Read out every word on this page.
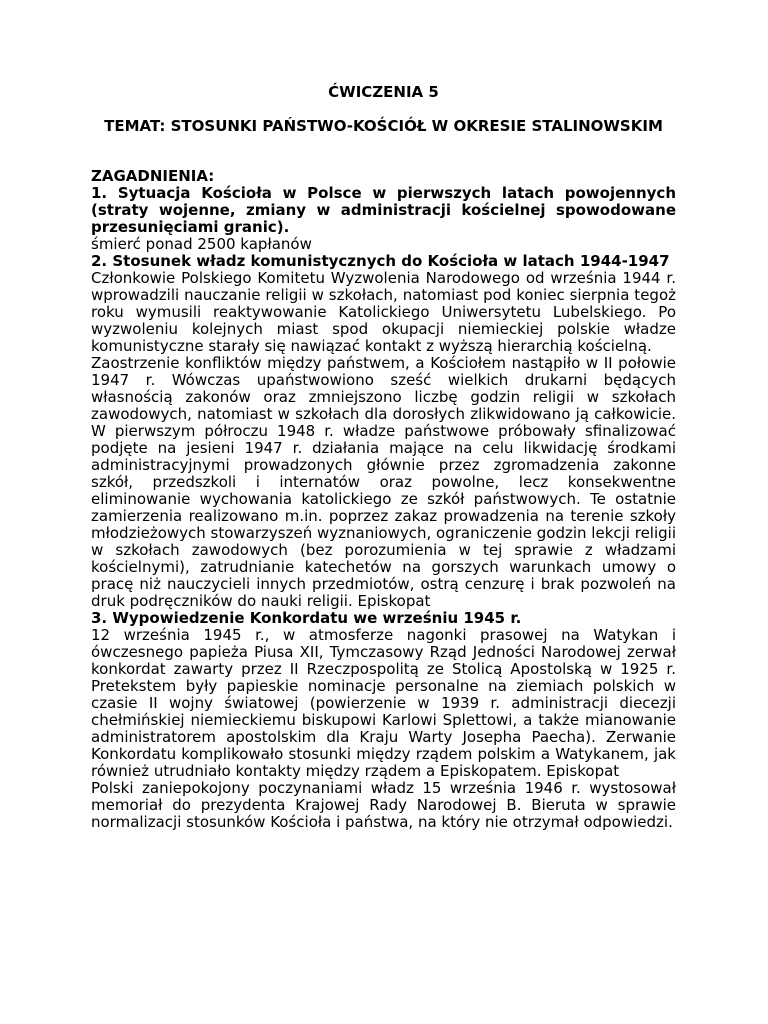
ĆWICZENIA 5

TEMAT: STOSUNKI PAŃSTWO-KOŚCIÓŁ W OKRESIE STALINOWSKIM

ZAGADNIENIA:

1. Sytuacja Kościoła w Polsce w pierwszych latach powojennych (straty wojenne, zmiany w administracji kościelnej spowodowane przesunięciami granic).

śmierć ponad 2500 kapłanów

2. Stosunek władz komunistycznych do Kościoła w latach 1944-1947

Członkowie Polskiego Komitetu Wyzwolenia Narodowego od września 1944 r. wprowadzili nauczanie religii w szkołach, natomiast pod koniec sierpnia tegoż roku wymusili reaktywowanie Katolickiego Uniwersytetu Lubelskiego. Po wyzwoleniu kolejnych miast spod okupacji niemieckiej polskie władze komunistyczne starały się nawiązać kontakt z wyższą hierarchią kościelną.

Zaostrzenie konfliktów między państwem, a Kościołem nastąpiło w II połowie 1947 r. Wówczas upaństwowiono sześć wielkich drukarni będących własnością zakonów oraz zmniejszono liczbę godzin religii w szkołach zawodowych, natomiast w szkołach dla dorosłych zlikwidowano ją całkowicie. W pierwszym półroczu 1948 r. władze państwowe próbowały sfinalizować podjęte na jesieni 1947 r. działania mające na celu likwidację środkami administracyjnymi prowadzonych głównie przez zgromadzenia zakonne szkół, przedszkoli i internatów oraz powolne, lecz konsekwentne eliminowanie wychowania katolickiego ze szkół państwowych. Te ostatnie zamierzenia realizowano m.in. poprzez zakaz prowadzenia na terenie szkoły młodzieżowych stowarzyszeń wyznaniowych, ograniczenie godzin lekcji religii

w szkołach zawodowych (bez porozumienia w tej sprawie z władzami kościelnymi), zatrudnianie katechetów na gorszych warunkach umowy o pracę niż nauczycieli innych przedmiotów, ostrą cenzurę i brak pozwoleń na druk podręczników do nauki religii. Episkopat

3. Wypowiedzenie Konkordatu we wrześniu 1945 r.

12 września 1945 r., w atmosferze nagonki prasowej na Watykan i ówczesnego papieża Piusa XII, Tymczasowy Rząd Jedności Narodowej zerwał konkordat zawarty przez II Rzeczpospolitą ze Stolicą Apostolską w 1925 r. Pretekstem były papieskie nominacje personalne na ziemiach polskich w czasie II wojny światowej (powierzenie w 1939 r. administracji diecezji chełmińskiej niemieckiemu biskupowi Karlowi Splettowi, a także mianowanie administratorem apostolskim dla Kraju Warty Josepha Paecha). Zerwanie Konkordatu komplikowało stosunki między rządem polskim a Watykanem, jak również utrudniało kontakty między rządem a Episkopatem. Episkopat

Polski zaniepokojony poczynaniami władz 15 września 1946 r. wystosował memoriał do prezydenta Krajowej Rady Narodowej B. Bieruta w sprawie normalizacji stosunków Kościoła i państwa, na który nie otrzymał odpowiedzi.
